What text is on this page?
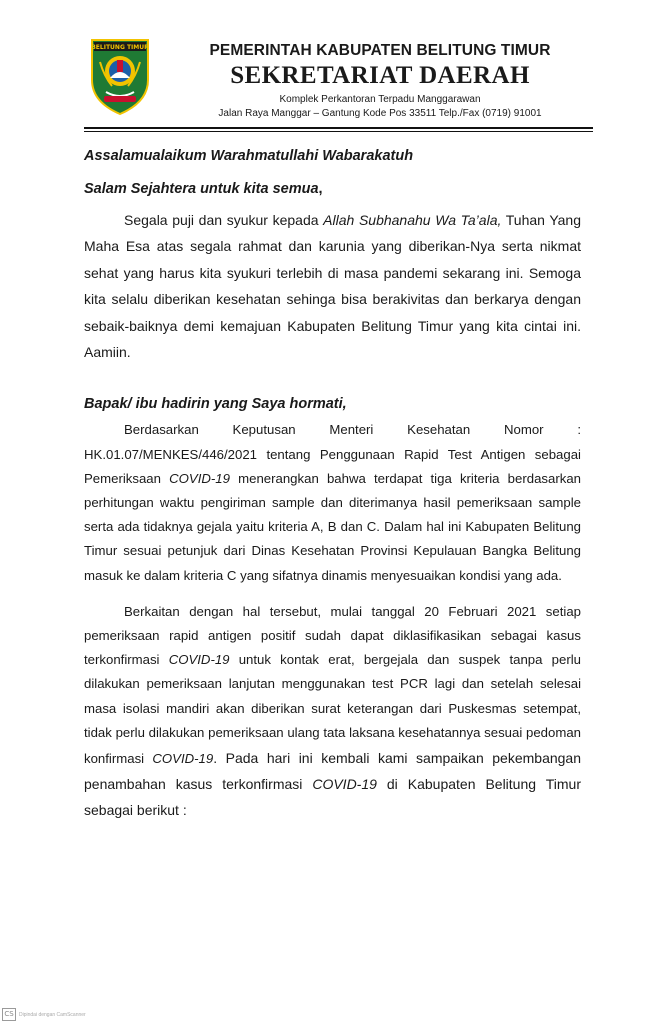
BELITUNG TIMUR	PEMERINTAH KABUPATEN BELITUNG TIMUR
SEKRETARIAT DAERAH
Komplek Perkantoran Terpadu Manggarawan
Jalan Raya Manggar – Gantung Kode Pos 33511 Telp./Fax (0719) 91001

Assalamualaikum Warahmatullahi Wabarakatuh

Salam Sejahtera untuk kita semua,

Segala puji dan syukur kepada Allah Subhanahu Wa Ta’ala, Tuhan Yang Maha Esa atas segala rahmat dan karunia yang diberikan-Nya serta nikmat sehat yang harus kita syukuri terlebih di masa pandemi sekarang ini. Semoga kita selalu diberikan kesehatan sehinga bisa berakivitas dan berkarya dengan sebaik-baiknya demi kemajuan Kabupaten Belitung Timur yang kita cintai ini. Aamiin.

Bapak/ ibu hadirin yang Saya hormati,

Berdasarkan Keputusan Menteri Kesehatan Nomor : HK.01.07/MENKES/446/2021 tentang Penggunaan Rapid Test Antigen sebagai Pemeriksaan COVID-19 menerangkan bahwa terdapat tiga kriteria berdasarkan perhitungan waktu pengiriman sample dan diterimanya hasil pemeriksaan sample serta ada tidaknya gejala yaitu kriteria A, B dan C. Dalam hal ini Kabupaten Belitung Timur sesuai petunjuk dari Dinas Kesehatan Provinsi Kepulauan Bangka Belitung masuk ke dalam kriteria C yang sifatnya dinamis menyesuaikan kondisi yang ada.

Berkaitan dengan hal tersebut, mulai tanggal 20 Februari 2021 setiap pemeriksaan rapid antigen positif sudah dapat diklasifikasikan sebagai kasus terkonfirmasi COVID-19 untuk kontak erat, bergejala dan suspek tanpa perlu dilakukan pemeriksaan lanjutan menggunakan test PCR lagi dan setelah selesai masa isolasi mandiri akan diberikan surat keterangan dari Puskesmas setempat, tidak perlu dilakukan pemeriksaan ulang tata laksana kesehatannya sesuai pedoman konfirmasi COVID-19. Pada hari ini kembali kami sampaikan pekembangan penambahan kasus terkonfirmasi COVID-19 di Kabupaten Belitung Timur sebagai berikut :

CS	Dipindai dengan CamScanner
